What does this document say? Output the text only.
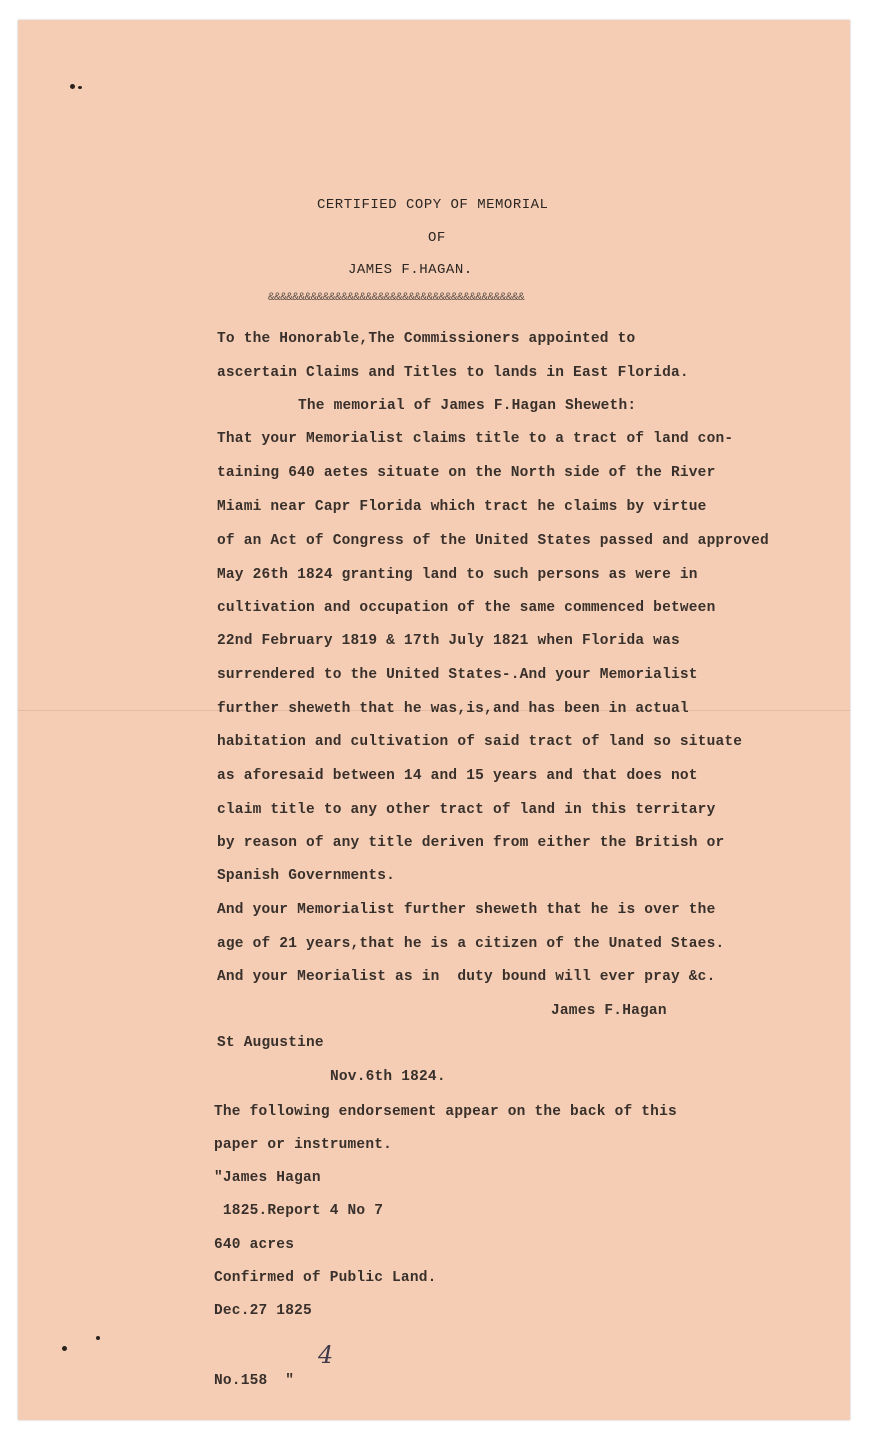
CERTIFIED COPY OF MEMORIAL
OF
JAMES F.HAGAN.
&&&&&&&&&&&&&&&&&&&&&&&&&&&&&&&&&&&&&&&&&&
To the Honorable,The Commissioners appointed to
ascertain Claims and Titles to lands in East Florida.
The memorial of James F.Hagan Sheweth:
That your Memorialist claims title to a tract of land con-
taining 640 aetes situate on the North side of the River
Miami near Capr Florida which tract he claims by virtue
of an Act of Congress of the United States passed and approved
May 26th 1824 granting land to such persons as were in
cultivation and occupation of the same commenced between
22nd February 1819 & 17th July 1821 when Florida was
surrendered to the United States-.And your Memorialist
further sheweth that he was,is,and has been in actual
habitation and cultivation of said tract of land so situate
as aforesaid between 14 and 15 years and that does not
claim title to any other tract of land in this territary
by reason of any title deriven from either the British or
Spanish Governments.
And your Memorialist further sheweth that he is over the
age of 21 years,that he is a citizen of the Unated Staes.
And your Meorialist as in  duty bound will ever pray &c.
James F.Hagan
St Augustine
Nov.6th 1824.
The following endorsement appear on the back of this
paper or instrument.
"James Hagan
1825.Report 4 No 7
640 acres
Confirmed of Public Land.
Dec.27 1825
No.158  "
4
